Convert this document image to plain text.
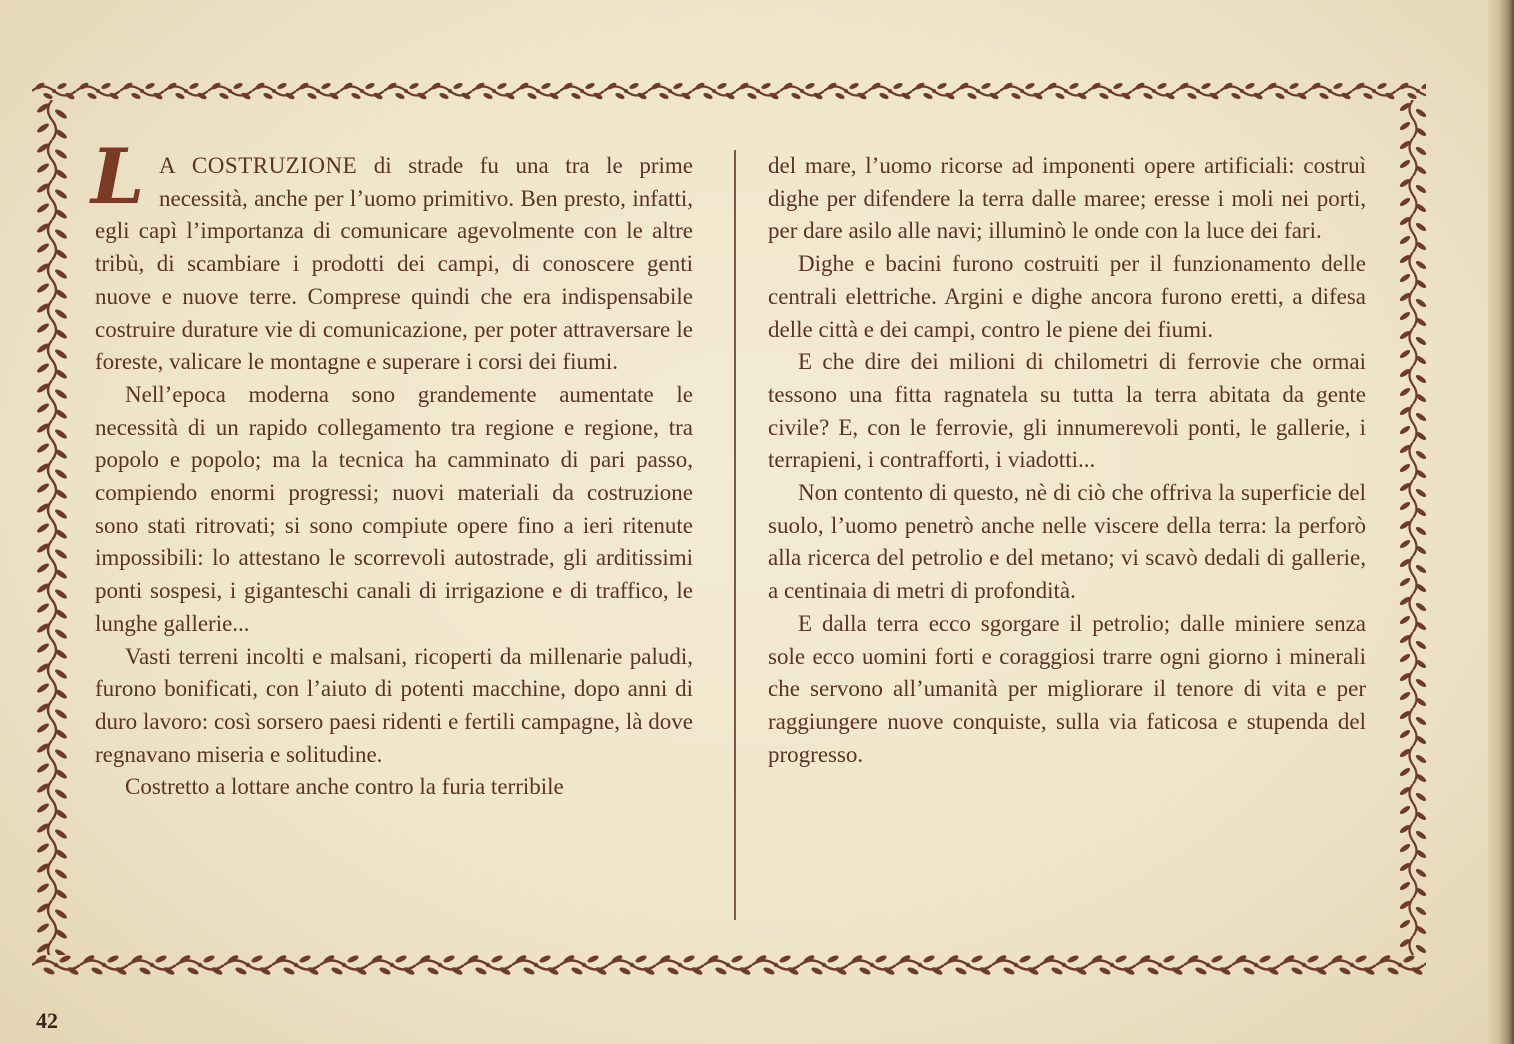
L A COSTRUZIONE di strade fu una tra le prime necessità, anche per l’uomo primitivo. Ben presto, infatti, egli capì l’importanza di comunicare agevolmente con le altre tribù, di scambiare i prodotti dei campi, di conoscere genti nuove e nuove terre. Comprese quindi che era indispensabile costruire durature vie di comunicazione, per poter attraversare le foreste, valicare le montagne e superare i corsi dei fiumi.

Nell’epoca moderna sono grandemente aumentate le necessità di un rapido collegamento tra regione e regione, tra popolo e popolo; ma la tecnica ha camminato di pari passo, compiendo enormi progressi; nuovi materiali da costruzione sono stati ritrovati; si sono compiute opere fino a ieri ritenute impossibili: lo attestano le scorrevoli autostrade, gli arditissimi ponti sospesi, i giganteschi canali di irrigazione e di traffico, le lunghe gallerie...

Vasti terreni incolti e malsani, ricoperti da millenarie paludi, furono bonificati, con l’aiuto di potenti macchine, dopo anni di duro lavoro: così sorsero paesi ridenti e fertili campagne, là dove regnavano miseria e solitudine.

Costretto a lottare anche contro la furia terribile

del mare, l’uomo ricorse ad imponenti opere artificiali: costruì dighe per difendere la terra dalle maree; eresse i moli nei porti, per dare asilo alle navi; illuminò le onde con la luce dei fari.

Dighe e bacini furono costruiti per il funzionamento delle centrali elettriche. Argini e dighe ancora furono eretti, a difesa delle città e dei campi, contro le piene dei fiumi.

E che dire dei milioni di chilometri di ferrovie che ormai tessono una fitta ragnatela su tutta la terra abitata da gente civile? E, con le ferrovie, gli innumerevoli ponti, le gallerie, i terrapieni, i contrafforti, i viadotti...

Non contento di questo, nè di ciò che offriva la superficie del suolo, l’uomo penetrò anche nelle viscere della terra: la perforò alla ricerca del petrolio e del metano; vi scavò dedali di gallerie, a centinaia di metri di profondità.

E dalla terra ecco sgorgare il petrolio; dalle miniere senza sole ecco uomini forti e coraggiosi trarre ogni giorno i minerali che servono all’umanità per migliorare il tenore di vita e per raggiungere nuove conquiste, sulla via faticosa e stupenda del progresso.

42
